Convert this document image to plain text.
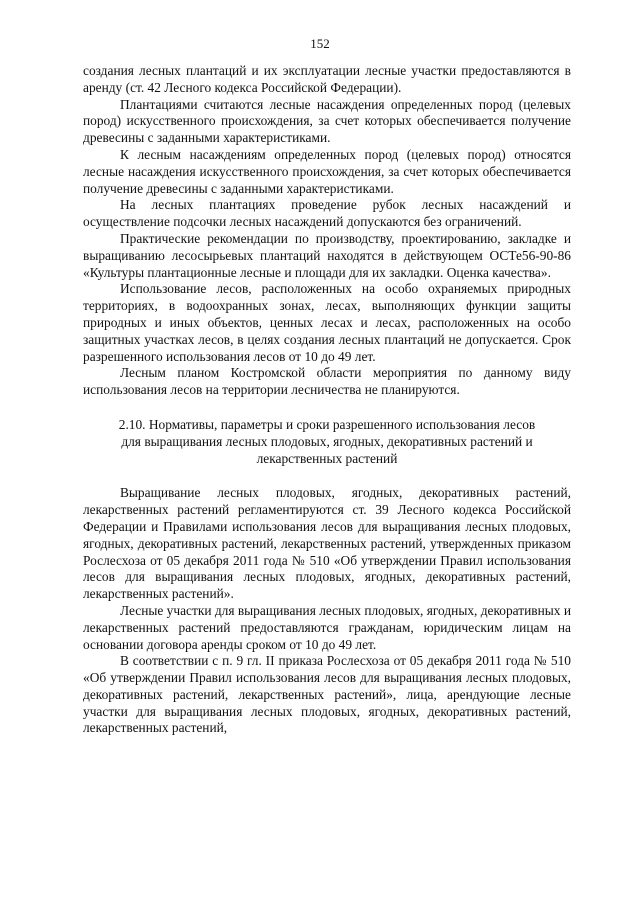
152

создания лесных плантаций и их эксплуатации лесные участки предоставляются в аренду (ст. 42 Лесного кодекса Российской Федерации).

Плантациями считаются лесные насаждения определенных пород (целевых пород) искусственного происхождения, за счет которых обеспечивается получение древесины с заданными характеристиками.

К лесным насаждениям определенных пород (целевых пород) относятся лесные насаждения искусственного происхождения, за счет которых обеспечивается получение древесины с заданными характеристиками.

На лесных плантациях проведение рубок лесных насаждений и осуществление подсочки лесных насаждений допускаются без ограничений.

Практические рекомендации по производству, проектированию, закладке и выращиванию лесосырьевых плантаций находятся в действующем ОСТе56-90-86 «Культуры плантационные лесные и площади для их закладки. Оценка качества».

Использование лесов, расположенных на особо охраняемых природных территориях, в водоохранных зонах, лесах, выполняющих функции защиты природных и иных объектов, ценных лесах и лесах, расположенных на особо защитных участках лесов, в целях создания лесных плантаций не допускается. Срок разрешенного использования лесов от 10 до 49 лет.

Лесным планом Костромской области мероприятия по данному виду использования лесов на территории лесничества не планируются.

2.10. Нормативы, параметры и сроки разрешенного использования лесов

для выращивания лесных плодовых, ягодных, декоративных растений и

лекарственных растений

Выращивание лесных плодовых, ягодных, декоративных растений, лекарственных растений регламентируются ст. 39 Лесного кодекса Российской Федерации и Правилами использования лесов для выращивания лесных плодовых, ягодных, декоративных растений, лекарственных растений, утвержденных приказом Рослесхоза от 05 декабря 2011 года № 510 «Об утверждении Правил использования лесов для выращивания лесных плодовых, ягодных, декоративных растений, лекарственных растений».

Лесные участки для выращивания лесных плодовых, ягодных, декоративных и лекарственных растений предоставляются гражданам, юридическим лицам на основании договора аренды сроком от 10 до 49 лет.

В соответствии с п. 9 гл. II приказа Рослесхоза от 05 декабря 2011 года № 510 «Об утверждении Правил использования лесов для выращивания лесных плодовых, декоративных растений, лекарственных растений», лица, арендующие лесные участки для выращивания лесных плодовых, ягодных, декоративных растений, лекарственных растений,
